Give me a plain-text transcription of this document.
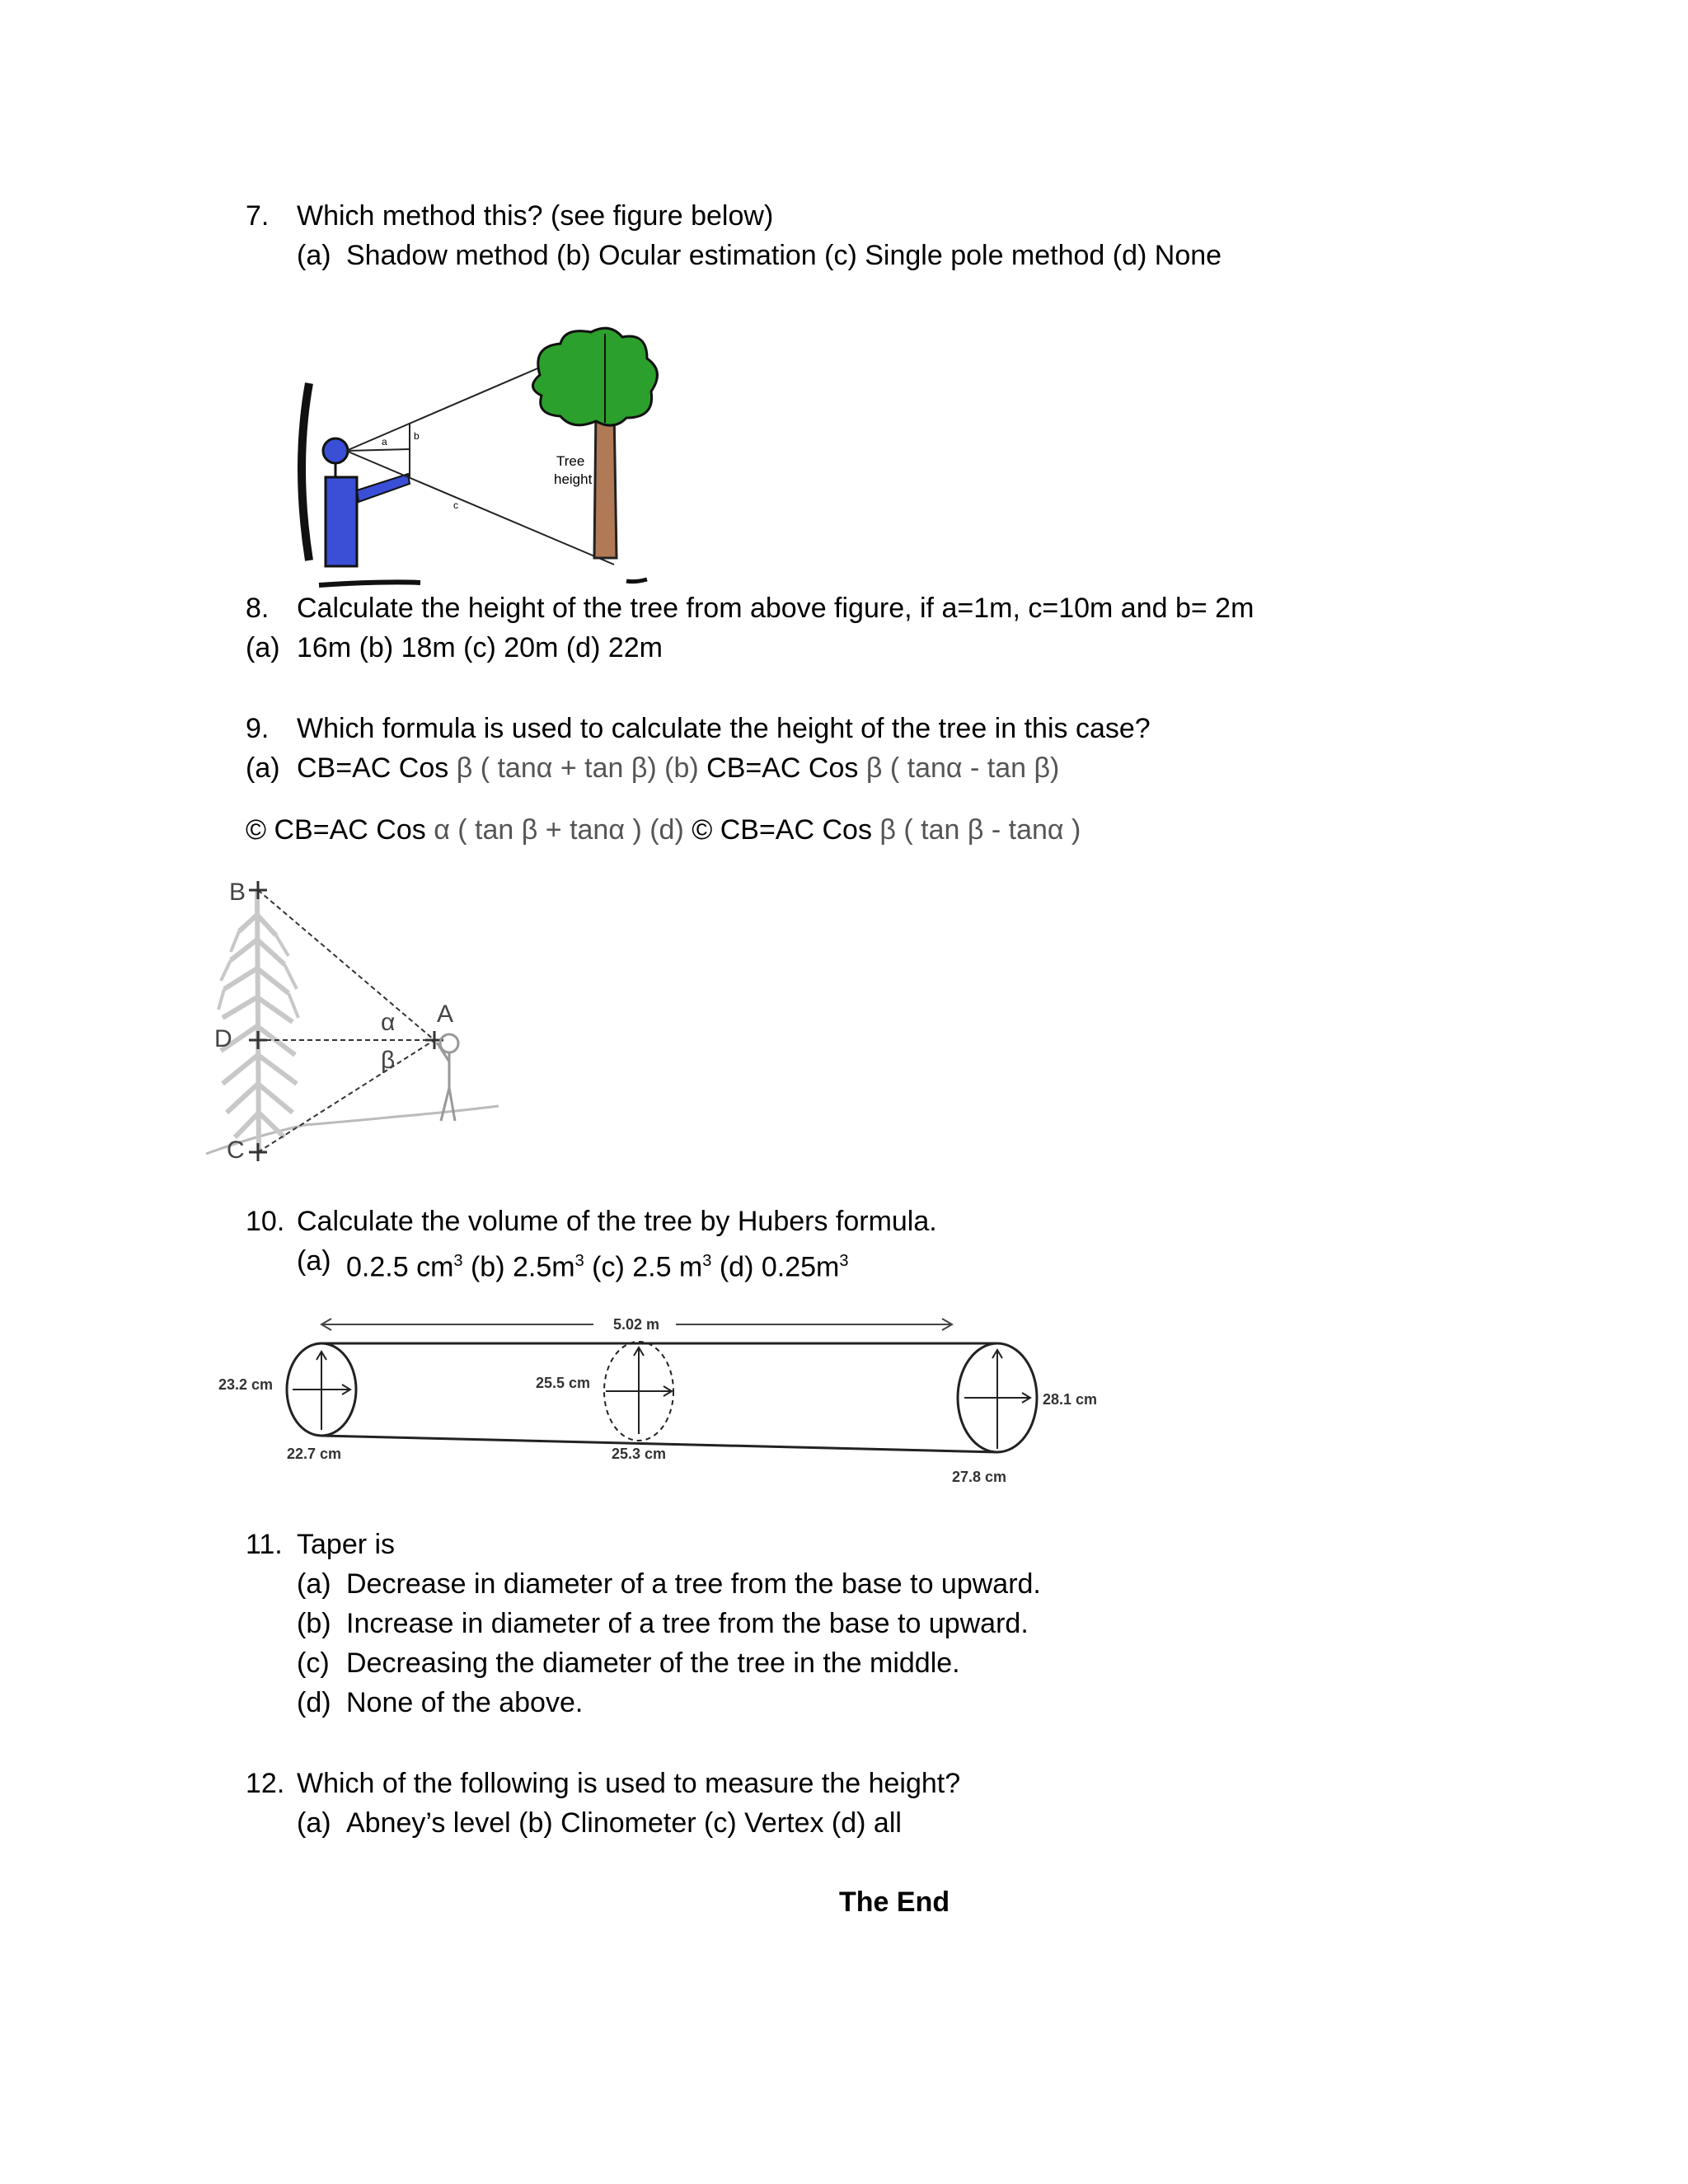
7. Which method this? (see figure below)
(a) Shadow method (b) Ocular estimation (c) Single pole method (d) None
a	b
c
Tree
height
8. Calculate the height of the tree from above figure, if a=1m, c=10m and b= 2m
(a) 16m (b) 18m (c) 20m (d) 22m
9. Which formula is used to calculate the height of the tree in this case?
(a) CB=AC Cos β ( tanα + tan β) (b) CB=AC Cos β ( tanα - tan β)
© CB=AC Cos α ( tan β + tanα ) (d) © CB=AC Cos β ( tan β - tanα )
B
D
C
A
α
β
10. Calculate the volume of the tree by Hubers formula.
(a) 0.2.5 $cm^3$ (b) $2.5m^3$ (c) 2.5 $m^3$ (d) $0.25m^3$
5.02 m
23.2 cm
22.7 cm
25.5 cm
25.3 cm
28.1 cm
27.8 cm
11. Taper is
(a) Decrease in diameter of a tree from the base to upward.
(b) Increase in diameter of a tree from the base to upward.
(c) Decreasing the diameter of the tree in the middle.
(d) None of the above.
12. Which of the following is used to measure the height?
(a) Abney’s level (b) Clinometer (c) Vertex (d) all
The End
